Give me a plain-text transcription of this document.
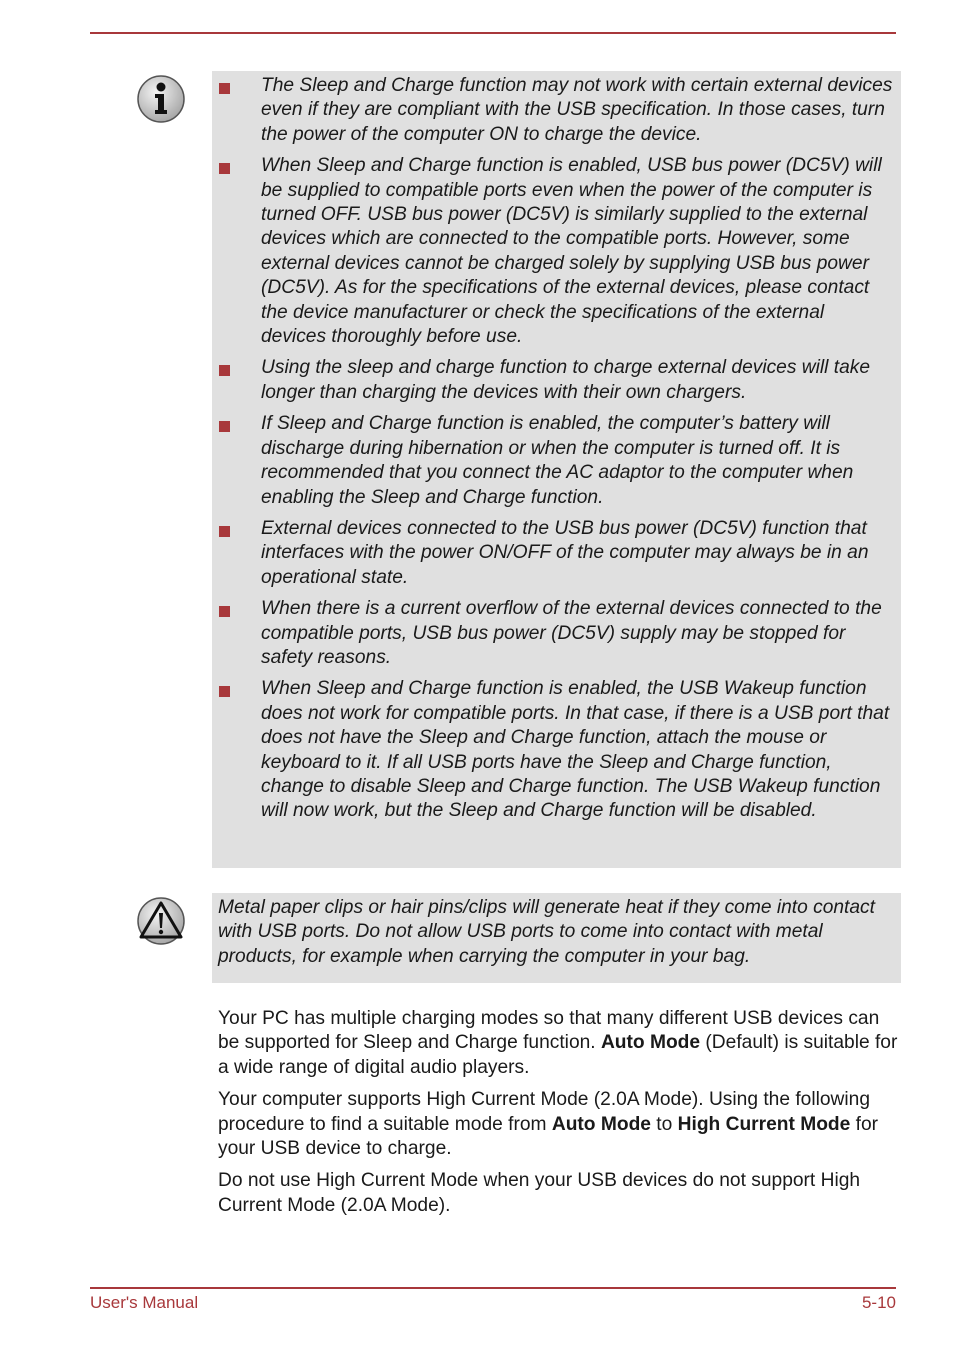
The Sleep and Charge function may not work with certain external devices even if they are compliant with the USB specification. In those cases, turn the power of the computer ON to charge the device.
When Sleep and Charge function is enabled, USB bus power (DC5V) will be supplied to compatible ports even when the power of the computer is turned OFF. USB bus power (DC5V) is similarly supplied to the external devices which are connected to the compatible ports. However, some external devices cannot be charged solely by supplying USB bus power (DC5V). As for the specifications of the external devices, please contact the device manufacturer or check the specifications of the external devices thoroughly before use.
Using the sleep and charge function to charge external devices will take longer than charging the devices with their own chargers.
If Sleep and Charge function is enabled, the computer’s battery will discharge during hibernation or when the computer is turned off. It is recommended that you connect the AC adaptor to the computer when enabling the Sleep and Charge function.
External devices connected to the USB bus power (DC5V) function that interfaces with the power ON/OFF of the computer may always be in an operational state.
When there is a current overflow of the external devices connected to the compatible ports, USB bus power (DC5V) supply may be stopped for safety reasons.
When Sleep and Charge function is enabled, the USB Wakeup function does not work for compatible ports. In that case, if there is a USB port that does not have the Sleep and Charge function, attach the mouse or keyboard to it. If all USB ports have the Sleep and Charge function, change to disable Sleep and Charge function. The USB Wakeup function will now work, but the Sleep and Charge function will be disabled.
Metal paper clips or hair pins/clips will generate heat if they come into contact with USB ports. Do not allow USB ports to come into contact with metal products, for example when carrying the computer in your bag.

Your PC has multiple charging modes so that many different USB devices can be supported for Sleep and Charge function. Auto Mode (Default) is suitable for a wide range of digital audio players.

Your computer supports High Current Mode (2.0A Mode). Using the following procedure to find a suitable mode from Auto Mode to High Current Mode for your USB device to charge.

Do not use High Current Mode when your USB devices do not support High Current Mode (2.0A Mode).

User's Manual	5-10
